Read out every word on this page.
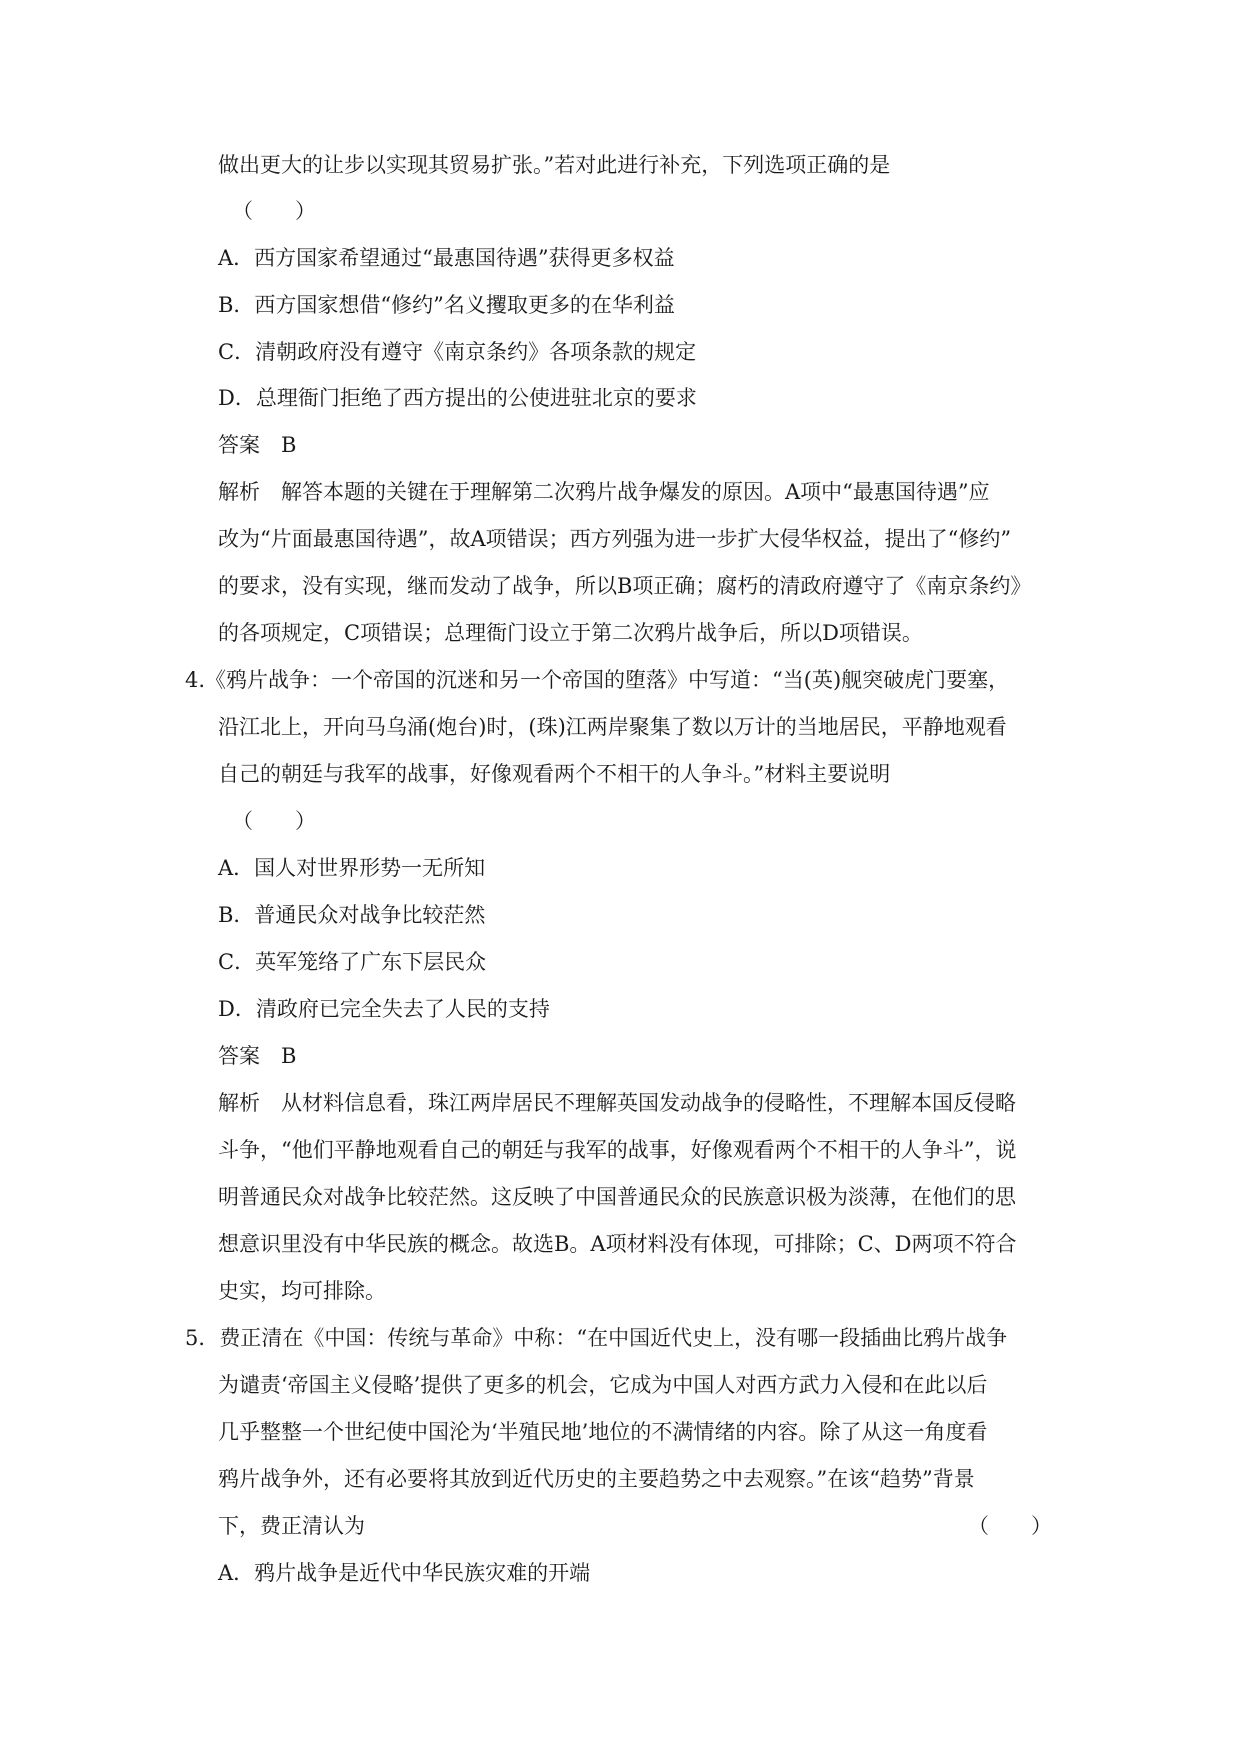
做出更大的让步以实现其贸易扩张。”若对此进行补充，下列选项正确的是
（　　）
A．西方国家希望通过“最惠国待遇”获得更多权益
B．西方国家想借“修约”名义攫取更多的在华利益
C．清朝政府没有遵守《南京条约》各项条款的规定
D．总理衙门拒绝了西方提出的公使进驻北京的要求
答案　B
解析　解答本题的关键在于理解第二次鸦片战争爆发的原因。A项中“最惠国待遇”应
改为“片面最惠国待遇”，故A项错误；西方列强为进一步扩大侵华权益，提出了“修约”
的要求，没有实现，继而发动了战争，所以B项正确；腐朽的清政府遵守了《南京条约》
的各项规定，C项错误；总理衙门设立于第二次鸦片战争后，所以D项错误。
4.《鸦片战争：一个帝国的沉迷和另一个帝国的堕落》中写道：“当(英)舰突破虎门要塞，
沿江北上，开向马乌涌(炮台)时，(珠)江两岸聚集了数以万计的当地居民，平静地观看
自己的朝廷与我军的战事，好像观看两个不相干的人争斗。”材料主要说明
（　　）
A．国人对世界形势一无所知
B．普通民众对战争比较茫然
C．英军笼络了广东下层民众
D．清政府已完全失去了人民的支持
答案　B
解析　从材料信息看，珠江两岸居民不理解英国发动战争的侵略性，不理解本国反侵略
斗争，“他们平静地观看自己的朝廷与我军的战事，好像观看两个不相干的人争斗”，说
明普通民众对战争比较茫然。这反映了中国普通民众的民族意识极为淡薄，在他们的思
想意识里没有中华民族的概念。故选B。A项材料没有体现，可排除；C、D两项不符合
史实，均可排除。
5．费正清在《中国：传统与革命》中称：“在中国近代史上，没有哪一段插曲比鸦片战争
为谴责‘帝国主义侵略’提供了更多的机会，它成为中国人对西方武力入侵和在此以后
几乎整整一个世纪使中国沦为‘半殖民地’地位的不满情绪的内容。除了从这一角度看
鸦片战争外，还有必要将其放到近代历史的主要趋势之中去观察。”在该“趋势”背景
下，费正清认为	（　　）
A．鸦片战争是近代中华民族灾难的开端
